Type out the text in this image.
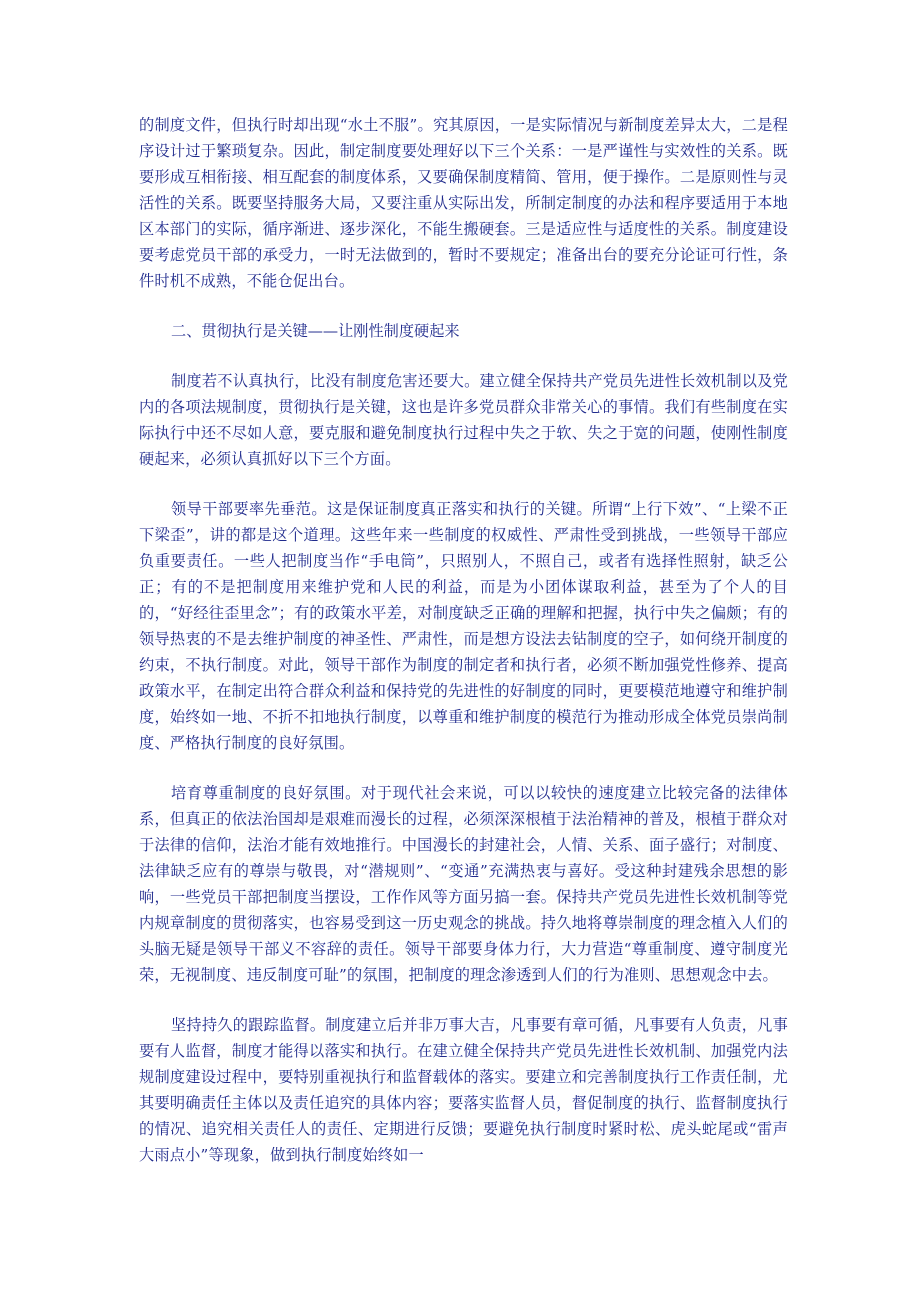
的制度文件，但执行时却出现“水土不服”。究其原因，一是实际情况与新制度差异太大，二是程序设计过于繁琐复杂。因此，制定制度要处理好以下三个关系：一是严谨性与实效性的关系。既要形成互相衔接、相互配套的制度体系，又要确保制度精简、管用，便于操作。二是原则性与灵活性的关系。既要坚持服务大局，又要注重从实际出发，所制定制度的办法和程序要适用于本地区本部门的实际，循序渐进、逐步深化，不能生搬硬套。三是适应性与适度性的关系。制度建设要考虑党员干部的承受力，一时无法做到的，暂时不要规定；准备出台的要充分论证可行性，条件时机不成熟，不能仓促出台。

二、贯彻执行是关键——让刚性制度硬起来

制度若不认真执行，比没有制度危害还要大。建立健全保持共产党员先进性长效机制以及党内的各项法规制度，贯彻执行是关键，这也是许多党员群众非常关心的事情。我们有些制度在实际执行中还不尽如人意，要克服和避免制度执行过程中失之于软、失之于宽的问题，使刚性制度硬起来，必须认真抓好以下三个方面。

领导干部要率先垂范。这是保证制度真正落实和执行的关键。所谓“上行下效”、“上梁不正下梁歪”，讲的都是这个道理。这些年来一些制度的权威性、严肃性受到挑战，一些领导干部应负重要责任。一些人把制度当作“手电筒”，只照别人，不照自己，或者有选择性照射，缺乏公正；有的不是把制度用来维护党和人民的利益，而是为小团体谋取利益，甚至为了个人的目的，“好经往歪里念”；有的政策水平差，对制度缺乏正确的理解和把握，执行中失之偏颇；有的领导热衷的不是去维护制度的神圣性、严肃性，而是想方设法去钻制度的空子，如何绕开制度的约束，不执行制度。对此，领导干部作为制度的制定者和执行者，必须不断加强党性修养、提高政策水平，在制定出符合群众利益和保持党的先进性的好制度的同时，更要模范地遵守和维护制度，始终如一地、不折不扣地执行制度，以尊重和维护制度的模范行为推动形成全体党员崇尚制度、严格执行制度的良好氛围。

培育尊重制度的良好氛围。对于现代社会来说，可以以较快的速度建立比较完备的法律体系，但真正的依法治国却是艰难而漫长的过程，必须深深根植于法治精神的普及，根植于群众对于法律的信仰，法治才能有效地推行。中国漫长的封建社会，人情、关系、面子盛行；对制度、法律缺乏应有的尊崇与敬畏，对“潜规则”、“变通”充满热衷与喜好。受这种封建残余思想的影响，一些党员干部把制度当摆设，工作作风等方面另搞一套。保持共产党员先进性长效机制等党内规章制度的贯彻落实，也容易受到这一历史观念的挑战。持久地将尊崇制度的理念植入人们的头脑无疑是领导干部义不容辞的责任。领导干部要身体力行，大力营造“尊重制度、遵守制度光荣，无视制度、违反制度可耻”的氛围，把制度的理念渗透到人们的行为准则、思想观念中去。

坚持持久的跟踪监督。制度建立后并非万事大吉，凡事要有章可循，凡事要有人负责，凡事要有人监督，制度才能得以落实和执行。在建立健全保持共产党员先进性长效机制、加强党内法规制度建设过程中，要特别重视执行和监督载体的落实。要建立和完善制度执行工作责任制，尤其要明确责任主体以及责任追究的具体内容；要落实监督人员，督促制度的执行、监督制度执行的情况、追究相关责任人的责任、定期进行反馈；要避免执行制度时紧时松、虎头蛇尾或“雷声大雨点小”等现象，做到执行制度始终如一
